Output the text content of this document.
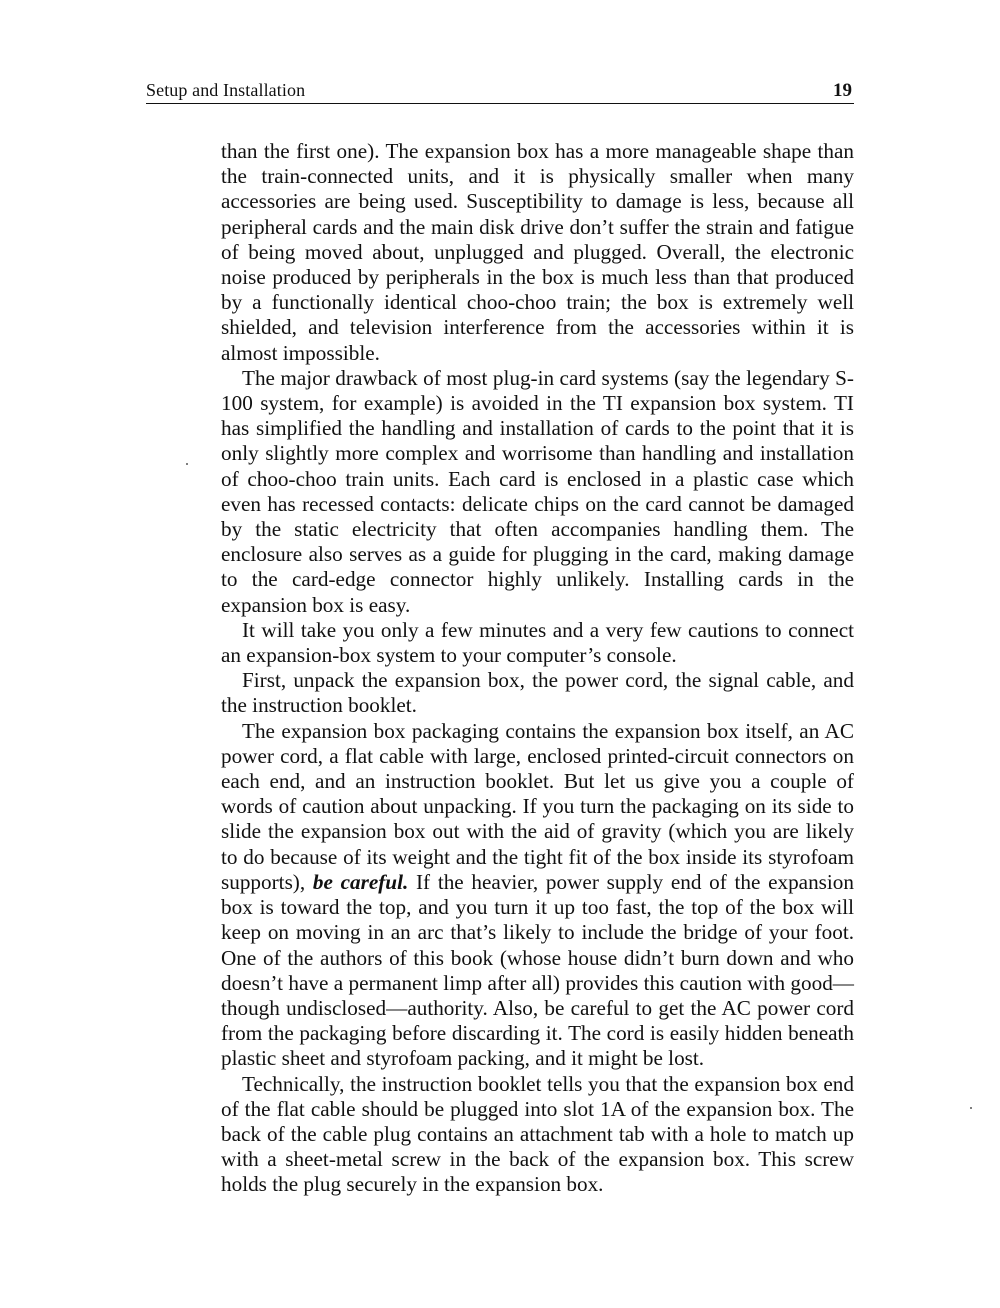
Setup and Installation	19

than the first one). The expansion box has a more manageable shape than the train-connected units, and it is physically smaller when many accessories are being used. Susceptibility to damage is less, because all peripheral cards and the main disk drive don’t suffer the strain and fatigue of being moved about, unplugged and plugged. Overall, the electronic noise produced by peripherals in the box is much less than that produced by a functionally identical choo-choo train; the box is extremely well shielded, and television interference from the accessories within it is almost impossible.

The major drawback of most plug-in card systems (say the legendary S-100 system, for example) is avoided in the TI expansion box system. TI has simplified the handling and installation of cards to the point that it is only slightly more complex and worrisome than handling and installation of choo-choo train units. Each card is enclosed in a plastic case which even has recessed contacts: delicate chips on the card cannot be damaged by the static electricity that often accompanies handling them. The enclosure also serves as a guide for plugging in the card, making damage to the card-edge connector highly unlikely. Installing cards in the expansion box is easy.

It will take you only a few minutes and a very few cautions to connect an expansion-box system to your computer’s console.

First, unpack the expansion box, the power cord, the signal cable, and the instruction booklet.

The expansion box packaging contains the expansion box itself, an AC power cord, a flat cable with large, enclosed printed-circuit connectors on each end, and an instruction booklet. But let us give you a couple of words of caution about unpacking. If you turn the packaging on its side to slide the expansion box out with the aid of gravity (which you are likely to do because of its weight and the tight fit of the box inside its styrofoam supports), be careful. If the heavier, power supply end of the expansion box is toward the top, and you turn it up too fast, the top of the box will keep on moving in an arc that’s likely to include the bridge of your foot. One of the authors of this book (whose house didn’t burn down and who doesn’t have a permanent limp after all) provides this caution with good—though undisclosed—authority. Also, be careful to get the AC power cord from the packaging before discarding it. The cord is easily hidden beneath plastic sheet and styrofoam packing, and it might be lost.

Technically, the instruction booklet tells you that the expansion box end of the flat cable should be plugged into slot 1A of the expansion box. The back of the cable plug contains an attachment tab with a hole to match up with a sheet-metal screw in the back of the expansion box. This screw holds the plug securely in the expansion box.
